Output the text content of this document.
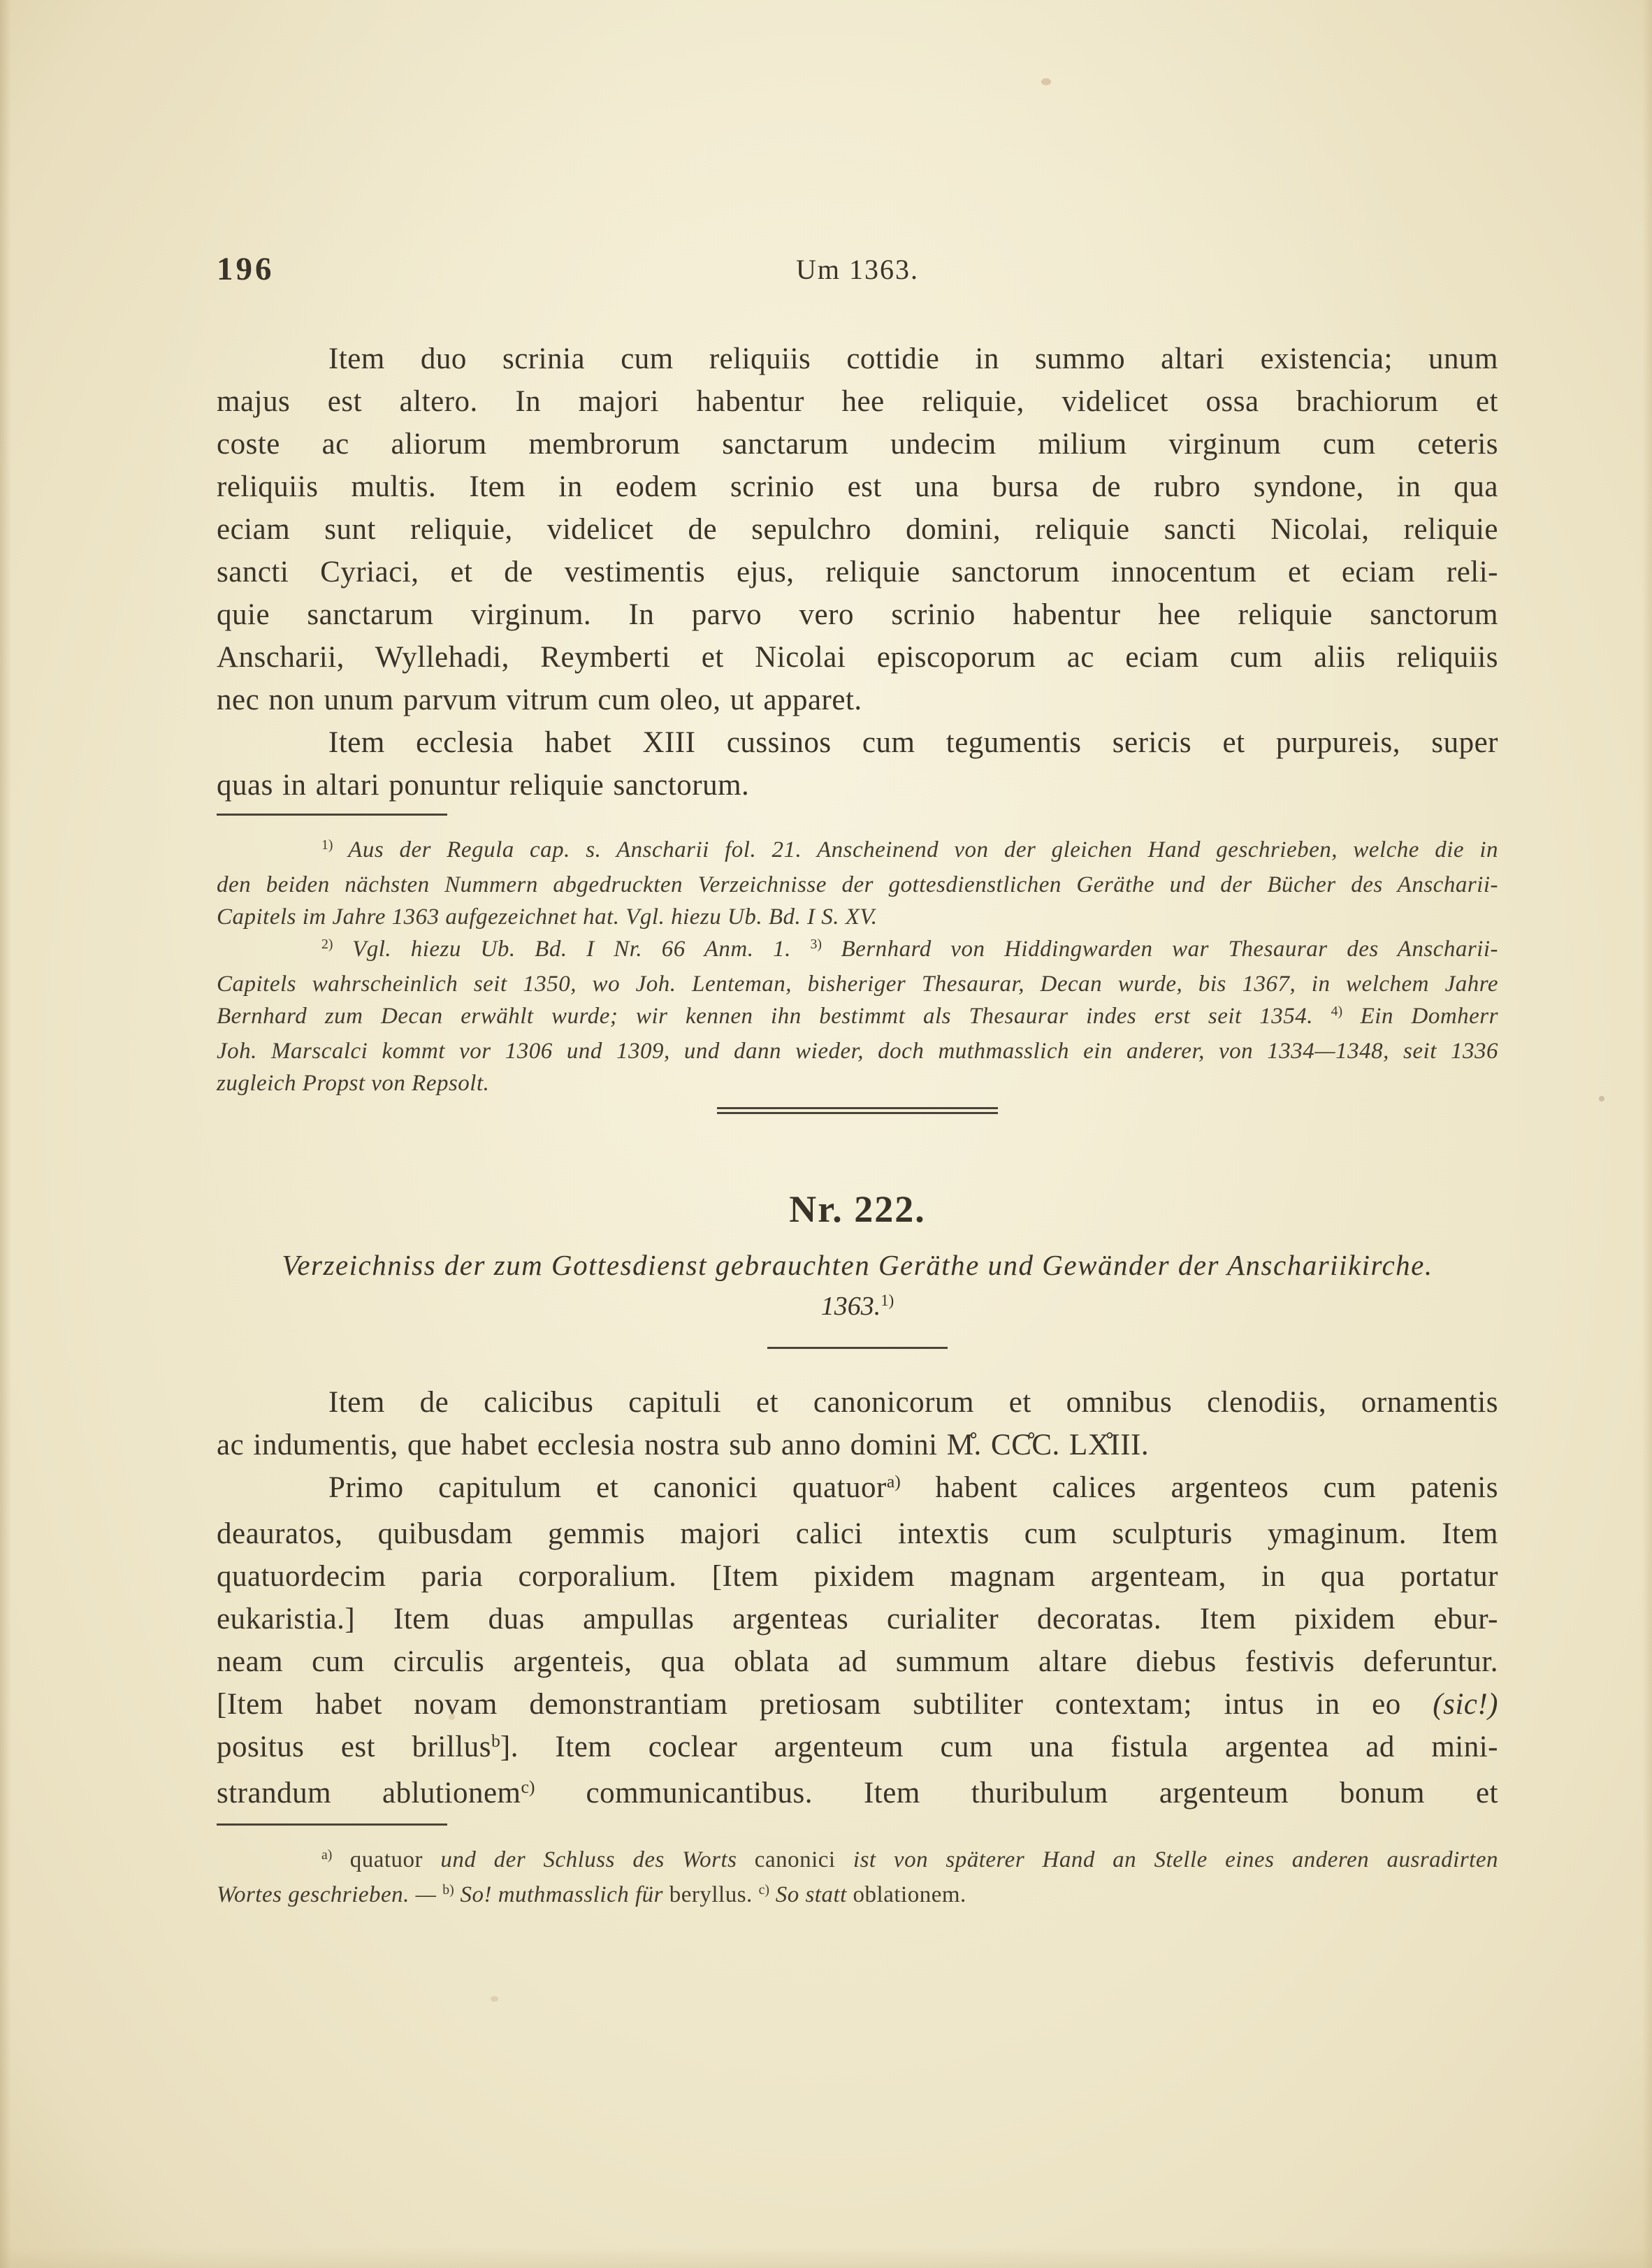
196	Um 1363.
Item duo scrinia cum reliquiis cottidie in summo altari existencia; unum
majus est altero. In majori habentur hee reliquie, videlicet ossa brachiorum et
coste ac aliorum membrorum sanctarum undecim milium virginum cum ceteris
reliquiis multis. Item in eodem scrinio est una bursa de rubro syndone, in qua
eciam sunt reliquie, videlicet de sepulchro domini, reliquie sancti Nicolai, reliquie
sancti Cyriaci, et de vestimentis ejus, reliquie sanctorum innocentum et eciam reli-
quie sanctarum virginum. In parvo vero scrinio habentur hee reliquie sanctorum
Anscharii, Wyllehadi, Reymberti et Nicolai episcoporum ac eciam cum aliis reliquiis
nec non unum parvum vitrum cum oleo, ut apparet.
Item ecclesia habet XIII cussinos cum tegumentis sericis et purpureis, super
quas in altari ponuntur reliquie sanctorum.
$^{1)}$ Aus der Regula cap. s. Anscharii fol. 21. Anscheinend von der gleichen Hand geschrieben, welche die in
den beiden nächsten Nummern abgedruckten Verzeichnisse der gottesdienstlichen Geräthe und der Bücher des Anscharii-
Capitels im Jahre 1363 aufgezeichnet hat. Vgl. hiezu Ub. Bd. I S. XV.
$^{2)}$ Vgl. hiezu Ub. Bd. I Nr. 66 Anm. 1. $^{3)}$ Bernhard von Hiddingwarden war Thesaurar des Anscharii-
Capitels wahrscheinlich seit 1350, wo Joh. Lenteman, bisheriger Thesaurar, Decan wurde, bis 1367, in welchem Jahre
Bernhard zum Decan erwählt wurde; wir kennen ihn bestimmt als Thesaurar indes erst seit 1354. $^{4)}$ Ein Domherr
Joh. Marscalci kommt vor 1306 und 1309, und dann wieder, doch muthmasslich ein anderer, von 1334—1348, seit 1336
zugleich Propst von Repsolt.
Nr. 222.
Verzeichniss der zum Gottesdienst gebrauchten Geräthe und Gewänder der Anschariikirche.
1363.$^{1)}$
Item de calicibus capituli et canonicorum et omnibus clenodiis, ornamentis
ac indumentis, que habet ecclesia nostra sub anno domini M̊. CC̊C. LX̊III.
Primo capitulum et canonici quatuor$^{a)}$ habent calices argenteos cum patenis
deauratos, quibusdam gemmis majori calici intextis cum sculpturis ymaginum. Item
quatuordecim paria corporalium. [Item pixidem magnam argenteam, in qua portatur
eukaristia.] Item duas ampullas argenteas curialiter decoratas. Item pixidem ebur-
neam cum circulis argenteis, qua oblata ad summum altare diebus festivis deferuntur.
[Item habet novam demonstrantiam pretiosam subtiliter contextam; intus in eo (sic!)
positus est brillus$^b$]. Item coclear argenteum cum una fistula argentea ad mini-
strandum ablutionem$^{c)}$ communicantibus. Item thuribulum argenteum bonum et
$^{a)}$ quatuor und der Schluss des Worts canonici ist von späterer Hand an Stelle eines anderen ausradirten
Wortes geschrieben. — $^{b)}$ So! muthmasslich für beryllus. $^{c)}$ So statt oblationem.
